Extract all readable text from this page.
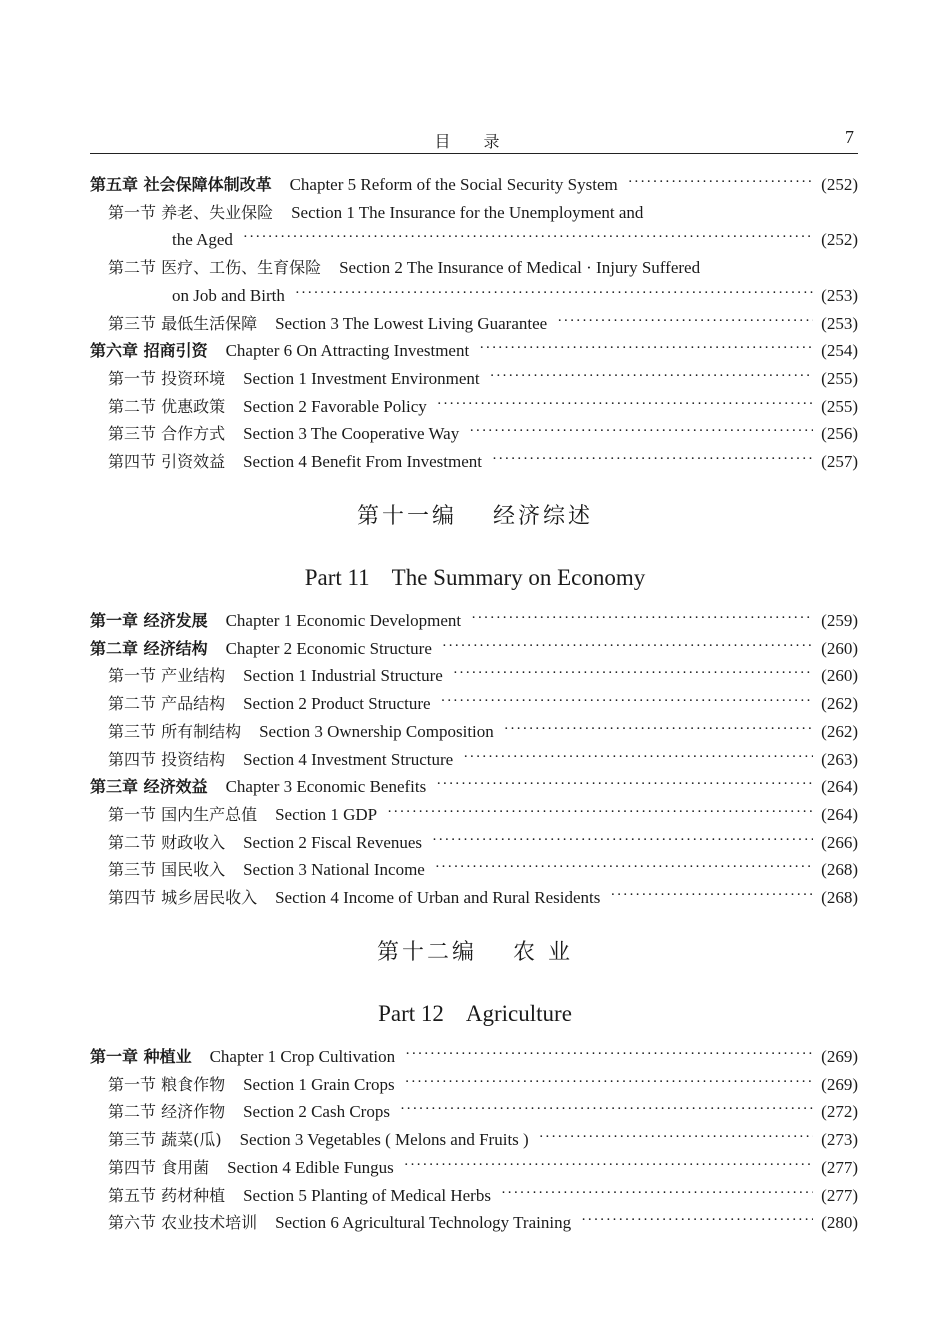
目 录	7
第五章 社会保障体制改革 Chapter 5 Reform of the Social Security System ·····	(252)
第一节 养老、失业保险 Section 1 The Insurance for the Unemployment and
the Aged ·····	(252)
第二节 医疗、工伤、生育保险 Section 2 The Insurance of Medical · Injury Suffered
on Job and Birth ·····	(253)
第三节 最低生活保障 Section 3 The Lowest Living Guarantee ·····	(253)
第六章 招商引资 Chapter 6 On Attracting Investment ·····	(254)
第一节 投资环境 Section 1 Investment Environment ·····	(255)
第二节 优惠政策 Section 2 Favorable Policy ·····	(255)
第三节 合作方式 Section 3 The Cooperative Way ·····	(256)
第四节 引资效益 Section 4 Benefit From Investment ·····	(257)
第十一编 经济综述
Part 11 The Summary on Economy
第一章 经济发展 Chapter 1 Economic Development ·····	(259)
第二章 经济结构 Chapter 2 Economic Structure ·····	(260)
第一节 产业结构 Section 1 Industrial Structure ·····	(260)
第二节 产品结构 Section 2 Product Structure ·····	(262)
第三节 所有制结构 Section 3 Ownership Composition ·····	(262)
第四节 投资结构 Section 4 Investment Structure ·····	(263)
第三章 经济效益 Chapter 3 Economic Benefits ·····	(264)
第一节 国内生产总值 Section 1 GDP ·····	(264)
第二节 财政收入 Section 2 Fiscal Revenues ·····	(266)
第三节 国民收入 Section 3 National Income ·····	(268)
第四节 城乡居民收入 Section 4 Income of Urban and Rural Residents ·····	(268)
第十二编 农 业
Part 12 Agriculture
第一章 种植业 Chapter 1 Crop Cultivation ·····	(269)
第一节 粮食作物 Section 1 Grain Crops ·····	(269)
第二节 经济作物 Section 2 Cash Crops ·····	(272)
第三节 蔬菜(瓜) Section 3 Vegetables ( Melons and Fruits ) ·····	(273)
第四节 食用菌 Section 4 Edible Fungus ·····	(277)
第五节 药材种植 Section 5 Planting of Medical Herbs ·····	(277)
第六节 农业技术培训 Section 6 Agricultural Technology Training ·····	(280)
